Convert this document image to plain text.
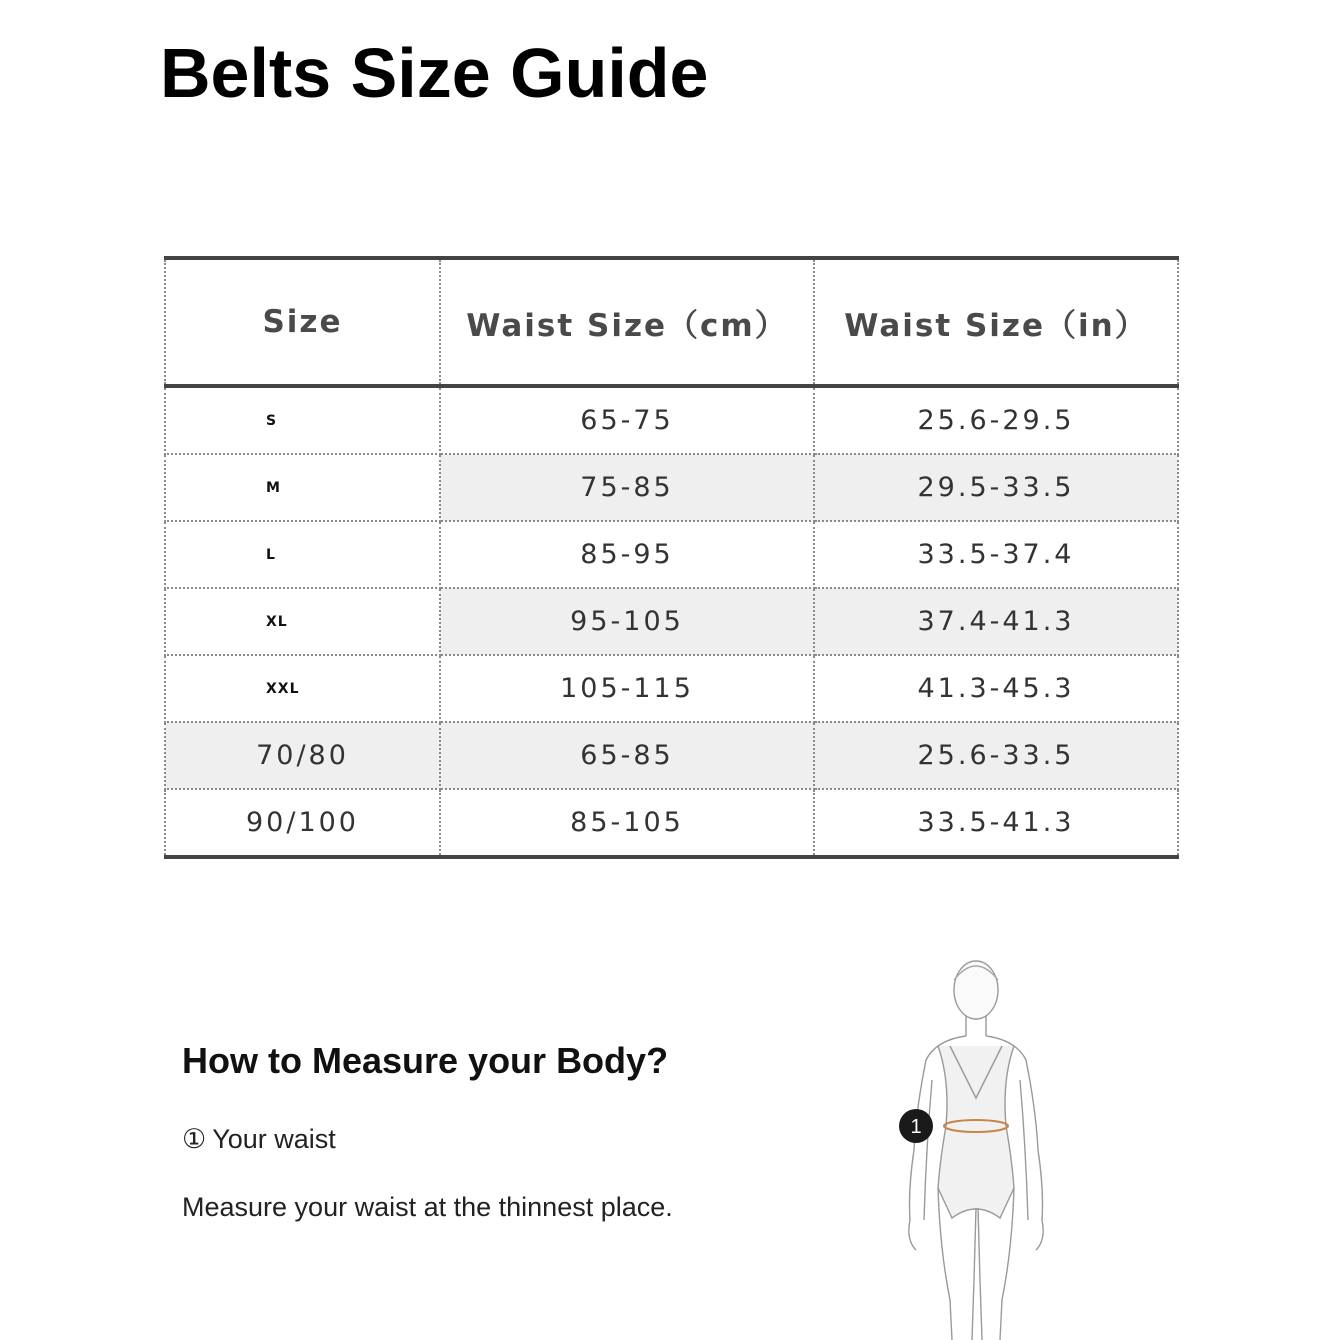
Belts Size Guide
Size	Waist Size（cm）	Waist Size（in）
S	65-75	25.6-29.5
M	75-85	29.5-33.5
L	85-95	33.5-37.4
XL	95-105	37.4-41.3
XXL	105-115	41.3-45.3
70/80	65-85	25.6-33.5
90/100	85-105	33.5-41.3
How to Measure your Body?
① Your waist
Measure your waist at the thinnest place.
1
